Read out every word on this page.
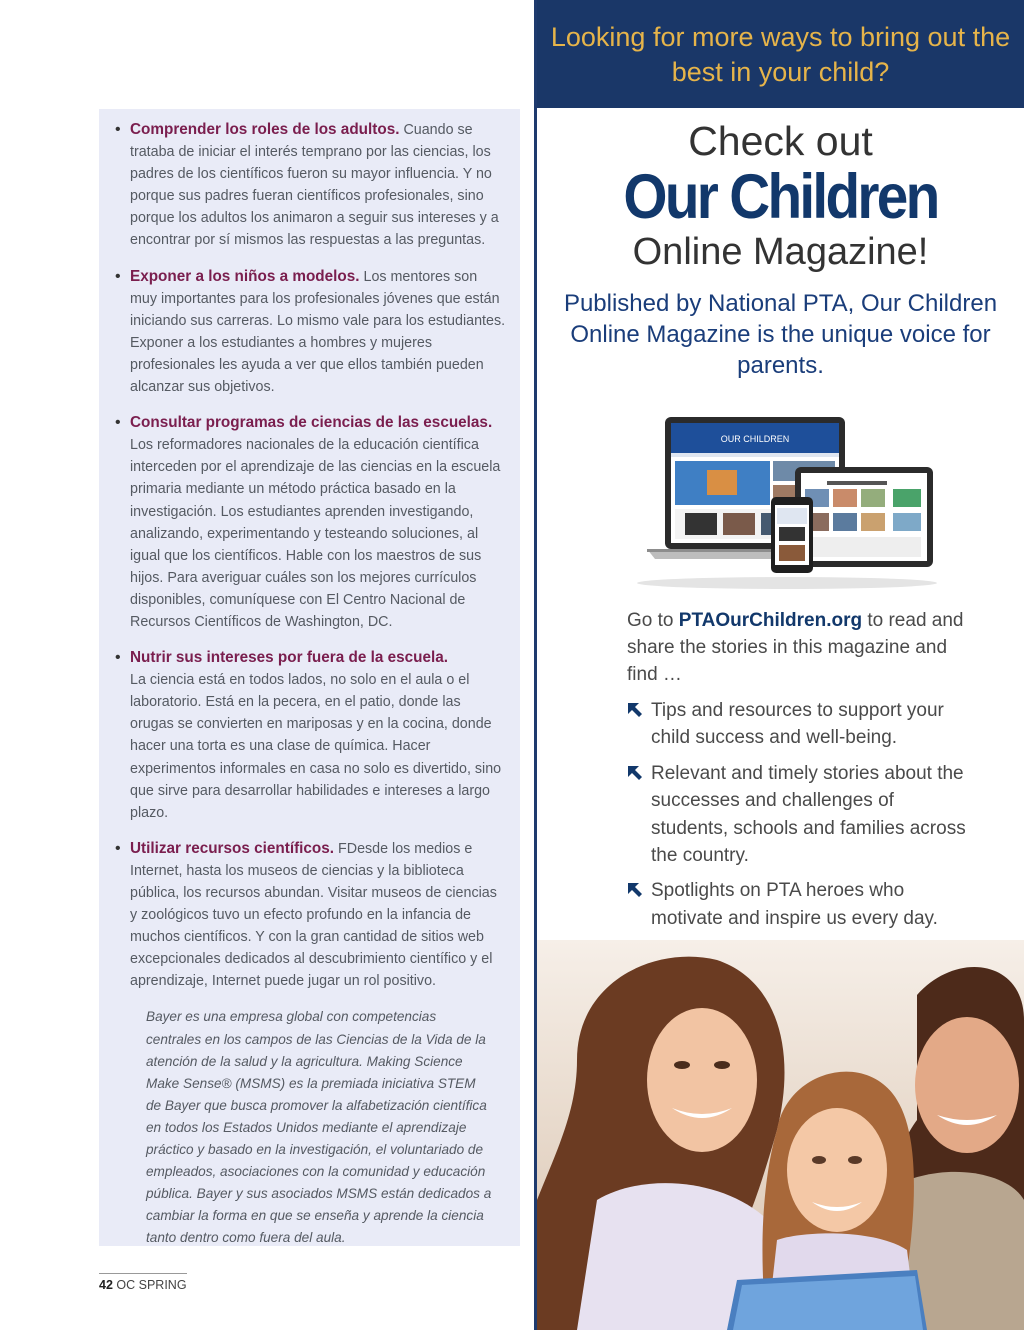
• Comprender los roles de los adultos. Cuando se trataba de iniciar el interés temprano por las ciencias, los padres de los científicos fueron su mayor influencia. Y no porque sus padres fueran científicos profesionales, sino porque los adultos los animaron a seguir sus intereses y a encontrar por sí mismos las respuestas a las preguntas.
• Exponer a los niños a modelos. Los mentores son muy importantes para los profesionales jóvenes que están iniciando sus carreras. Lo mismo vale para los estudiantes. Exponer a los estudiantes a hombres y mujeres profesionales les ayuda a ver que ellos también pueden alcanzar sus objetivos.
• Consultar programas de ciencias de las escuelas.
Los reformadores nacionales de la educación científica interceden por el aprendizaje de las ciencias en la escuela primaria mediante un método práctica basado en la investigación. Los estudiantes aprenden investigando, analizando, experimentando y testeando soluciones, al igual que los científicos. Hable con los maestros de sus hijos. Para averiguar cuáles son los mejores currículos disponibles, comuníquese con El Centro Nacional de Recursos Científicos de Washington, DC.
• Nutrir sus intereses por fuera de la escuela.
La ciencia está en todos lados, no solo en el aula o el laboratorio. Está en la pecera, en el patio, donde las orugas se convierten en mariposas y en la cocina, donde hacer una torta es una clase de química. Hacer experimentos informales en casa no solo es divertido, sino que sirve para desarrollar habilidades e intereses a largo plazo.
• Utilizar recursos científicos. FDesde los medios e Internet, hasta los museos de ciencias y la biblioteca pública, los recursos abundan. Visitar museos de ciencias y zoológicos tuvo un efecto profundo en la infancia de muchos científicos. Y con la gran cantidad de sitios web excepcionales dedicados al descubrimiento científico y el aprendizaje, Internet puede jugar un rol positivo.
Bayer es una empresa global con competencias centrales en los campos de las Ciencias de la Vida de la atención de la salud y la agricultura. Making Science Make Sense® (MSMS) es la premiada iniciativa STEM de Bayer que busca promover la alfabetización científica en todos los Estados Unidos mediante el aprendizaje práctico y basado en la investigación, el voluntariado de empleados, asociaciones con la comunidad y educación pública. Bayer y sus asociados MSMS están dedicados a cambiar la forma en que se enseña y aprende la ciencia tanto dentro como fuera del aula.
42 OC SPRING
Looking for more ways to bring out the best in your child?
Check out
Our Children
Online Magazine!
Published by National PTA, Our Children Online Magazine is the unique voice for parents.
OUR CHILDREN
Go to PTAOurChildren.org to read and share the stories in this magazine and find …
Tips and resources to support your child success and well-being.
Relevant and timely stories about the successes and challenges of students, schools and families across the country.
Spotlights on PTA heroes who motivate and inspire us every day.
